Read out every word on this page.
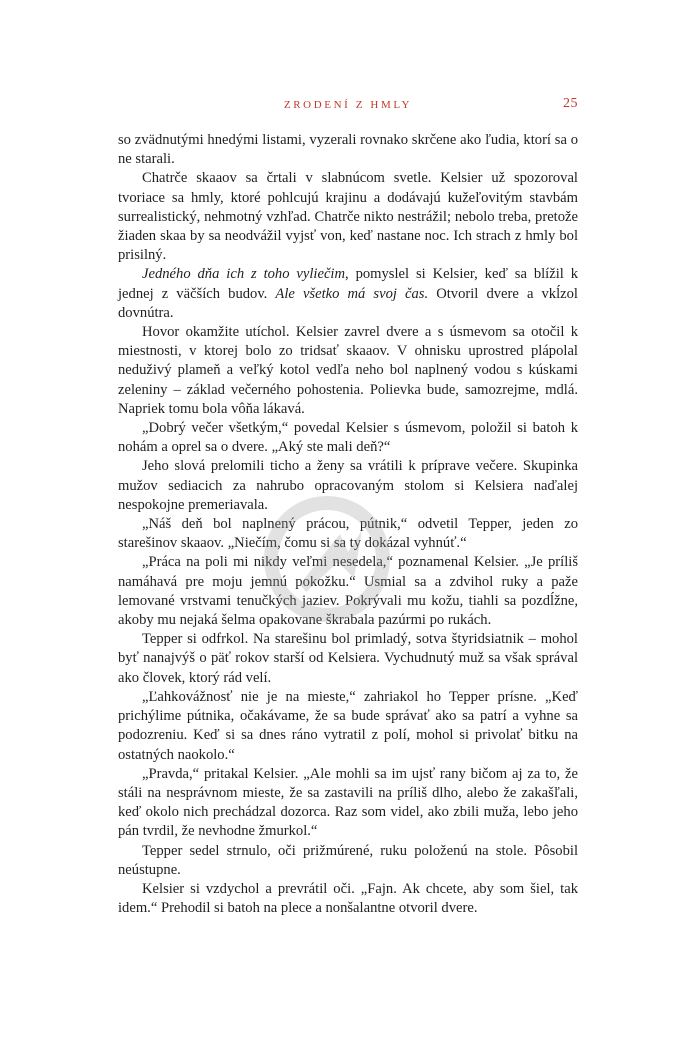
ZRODENÍ Z HMLY	25

so zvädnutými hnedými listami, vyzerali rovnako skrčene ako ľudia, ktorí sa o ne starali.

Chatrče skaaov sa črtali v slabnúcom svetle. Kelsier už spozoroval tvoriace sa hmly, ktoré pohlcujú krajinu a dodávajú kužeľovitým stavbám surrealistický, nehmotný vzhľad. Chatrče nikto nestrážil; nebolo treba, pretože žiaden skaa by sa neodvážil vyjsť von, keď nastane noc. Ich strach z hmly bol prisilný.

Jedného dňa ich z toho vyliečim, pomyslel si Kelsier, keď sa blížil k jednej z väčších budov. Ale všetko má svoj čas. Otvoril dvere a vkĺzol dovnútra.

Hovor okamžite utíchol. Kelsier zavrel dvere a s úsmevom sa otočil k miestnosti, v ktorej bolo zo tridsať skaaov. V ohnisku uprostred plápolal neduživý plameň a veľký kotol vedľa neho bol naplnený vodou s kúskami zeleniny – základ večerného pohostenia. Polievka bude, samozrejme, mdlá. Napriek tomu bola vôňa lákavá.

„Dobrý večer všetkým,“ povedal Kelsier s úsmevom, položil si batoh k nohám a oprel sa o dvere. „Aký ste mali deň?“

Jeho slová prelomili ticho a ženy sa vrátili k príprave večere. Skupinka mužov sediacich za nahrubo opracovaným stolom si Kelsiera naďalej nespokojne premeriavala.

„Náš deň bol naplnený prácou, pútnik,“ odvetil Tepper, jeden zo starešinov skaaov. „Niečím, čomu si sa ty dokázal vyhnúť.“

„Práca na poli mi nikdy veľmi nesedela,“ poznamenal Kelsier. „Je príliš namáhavá pre moju jemnú pokožku.“ Usmial sa a zdvihol ruky a paže lemované vrstvami tenučkých jaziev. Pokrývali mu kožu, tiahli sa pozdĺžne, akoby mu nejaká šelma opakovane škrabala pazúrmi po rukách.

Tepper si odfrkol. Na starešinu bol primladý, sotva štyridsiatnik – mohol byť nanajvýš o päť rokov starší od Kelsiera. Vychudnutý muž sa však správal ako človek, ktorý rád velí.

„Ľahkovážnosť nie je na mieste,“ zahriakol ho Tepper prísne. „Keď prichýlime pútnika, očakávame, že sa bude správať ako sa patrí a vyhne sa podozreniu. Keď si sa dnes ráno vytratil z polí, mohol si privolať bitku na ostatných naokolo.“

„Pravda,“ pritakal Kelsier. „Ale mohli sa im ujsť rany bičom aj za to, že stáli na nesprávnom mieste, že sa zastavili na príliš dlho, alebo že zakašľali, keď okolo nich prechádzal dozorca. Raz som videl, ako zbili muža, lebo jeho pán tvrdil, že nevhodne žmurkol.“

Tepper sedel strnulo, oči prižmúrené, ruku položenú na stole. Pôsobil neústupne.

Kelsier si vzdychol a prevrátil oči. „Fajn. Ak chcete, aby som šiel, tak idem.“ Prehodil si batoh na plece a nonšalantne otvoril dvere.
